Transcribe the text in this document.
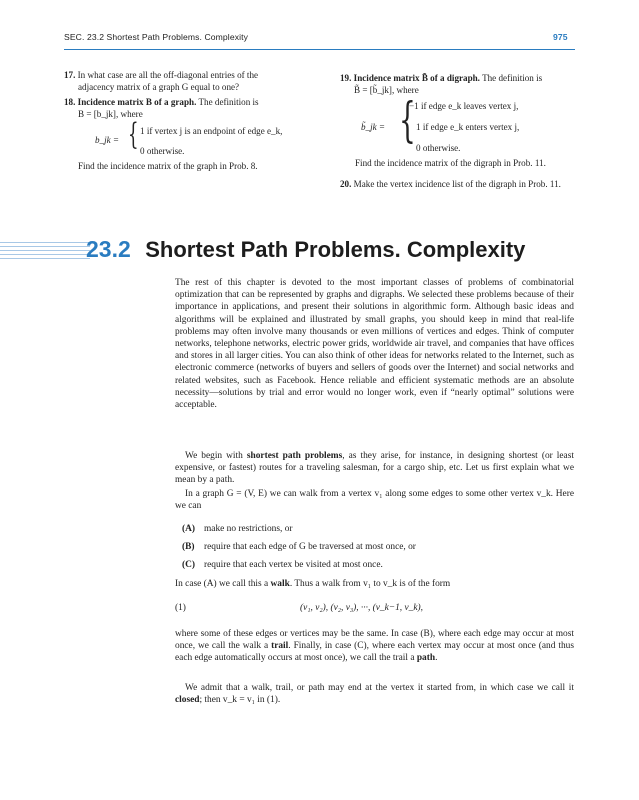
SEC. 23.2 Shortest Path Problems. Complexity	975
17. In what case are all the off-diagonal entries of the
adjacency matrix of a graph G equal to one?
18. Incidence matrix B of a graph. The definition is
B = [b_jk], where
b_jk = { 1 if vertex j is an endpoint of edge e_k,
0 otherwise.
Find the incidence matrix of the graph in Prob. 8.
19. Incidence matrix B̃ of a digraph. The definition is
B̃ = [b̃_jk], where
b̃_jk = {
−1 if edge e_k leaves vertex j,
1 if edge e_k enters vertex j,
0 otherwise.
Find the incidence matrix of the digraph in Prob. 11.
20. Make the vertex incidence list of the digraph in Prob. 11.
23.2 Shortest Path Problems. Complexity

The rest of this chapter is devoted to the most important classes of problems of combinatorial optimization that can be represented by graphs and digraphs. We selected these problems because of their importance in applications, and present their solutions in algorithmic form. Although basic ideas and algorithms will be explained and illustrated by small graphs, you should keep in mind that real-life problems may often involve many thousands or even millions of vertices and edges. Think of computer networks, telephone networks, electric power grids, worldwide air travel, and companies that have offices and stores in all larger cities. You can also think of other ideas for networks related to the Internet, such as electronic commerce (networks of buyers and sellers of goods over the Internet) and social networks and related websites, such as Facebook. Hence reliable and efficient systematic methods are an absolute necessity—solutions by trial and error would no longer work, even if “nearly optimal” solutions were acceptable.

We begin with shortest path problems, as they arise, for instance, in designing shortest (or least expensive, or fastest) routes for a traveling salesman, for a cargo ship, etc. Let us first explain what we mean by a path.

In a graph G = (V, E) we can walk from a vertex v₁ along some edges to some other vertex v_k. Here we can

(A) make no restrictions, or
(B) require that each edge of G be traversed at most once, or
(C) require that each vertex be visited at most once.

In case (A) we call this a walk. Thus a walk from v₁ to v_k is of the form

(1)	(v₁, v₂), (v₂, v₃), ···, (v_k−1, v_k),

where some of these edges or vertices may be the same. In case (B), where each edge may occur at most once, we call the walk a trail. Finally, in case (C), where each vertex may occur at most once (and thus each edge automatically occurs at most once), we call the trail a path.

We admit that a walk, trail, or path may end at the vertex it started from, in which case we call it closed; then v_k = v₁ in (1).
